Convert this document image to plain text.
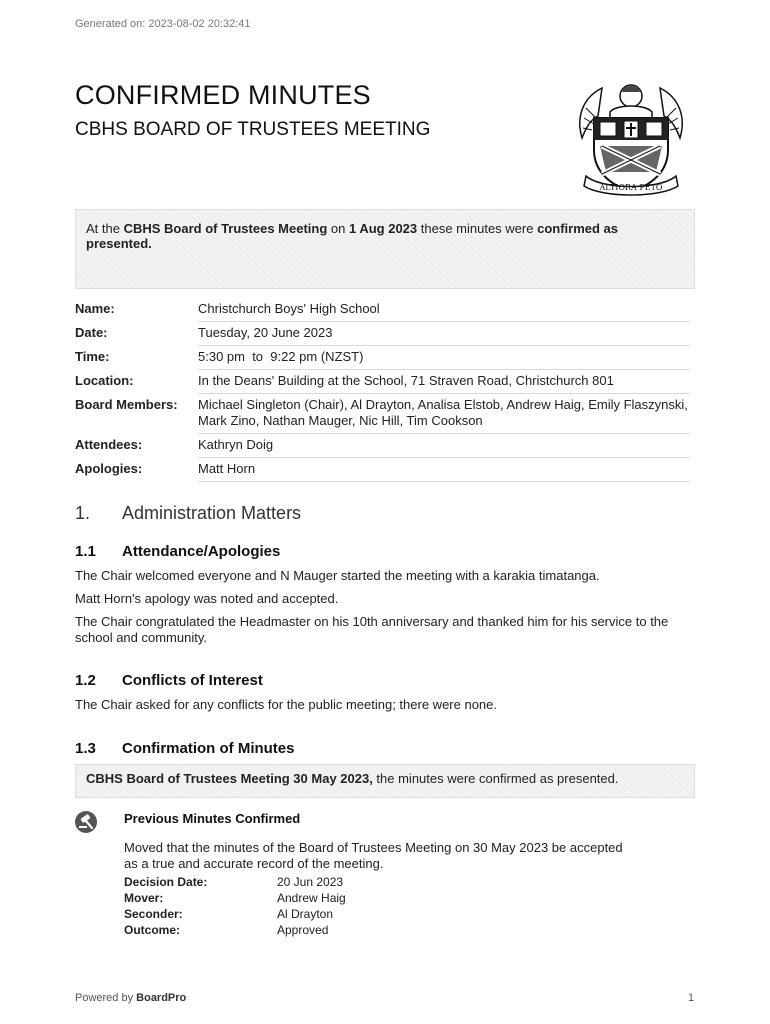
Generated on: 2023-08-02 20:32:41
CONFIRMED MINUTES
CBHS BOARD OF TRUSTEES MEETING
ALTIORA PETO
At the CBHS Board of Trustees Meeting on 1 Aug 2023 these minutes were confirmed as presented.
Name:	Christchurch Boys' High School
Date:	Tuesday, 20 June 2023
Time:	5:30 pm  to  9:22 pm (NZST)
Location:	In the Deans' Building at the School, 71 Straven Road, Christchurch 801
Board Members:	Michael Singleton (Chair), Al Drayton, Analisa Elstob, Andrew Haig, Emily Flaszynski, Mark Zino, Nathan Mauger, Nic Hill, Tim Cookson
Attendees:	Kathryn Doig
Apologies:	Matt Horn
1. Administration Matters
1.1 Attendance/Apologies
The Chair welcomed everyone and N Mauger started the meeting with a karakia timatanga.
Matt Horn's apology was noted and accepted.
The Chair congratulated the Headmaster on his 10th anniversary and thanked him for his service to the school and community.
1.2 Conflicts of Interest
The Chair asked for any conflicts for the public meeting; there were none.
1.3 Confirmation of Minutes
CBHS Board of Trustees Meeting 30 May 2023, the minutes were confirmed as presented.
Previous Minutes Confirmed
Moved that the minutes of the Board of Trustees Meeting on 30 May 2023 be accepted as a true and accurate record of the meeting.
Decision Date:	20 Jun 2023
Mover:	Andrew Haig
Seconder:	Al Drayton
Outcome:	Approved
Powered by BoardPro	1
